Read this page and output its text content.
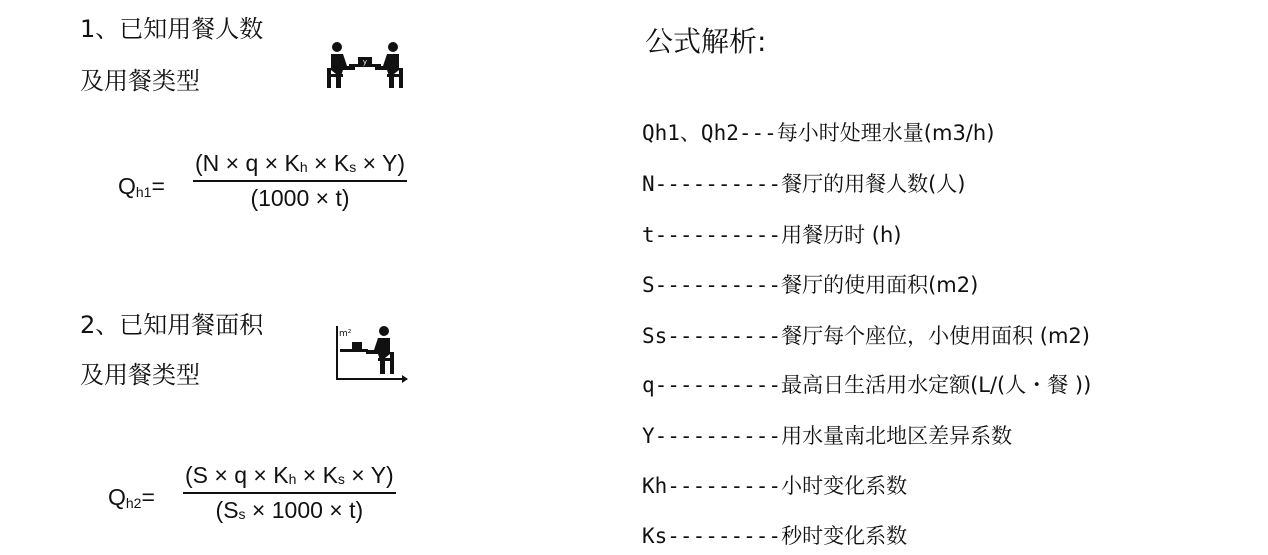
1、已知用餐人数
及用餐类型
y
Qh1=
(N × q × Kh × Ks × Y)
(1000 × t)
2、已知用餐面积
及用餐类型
m²
Qh2=
(S × q × Kh × Ks × Y)
(Ss × 1000 × t)
公式解析:
Qh1、Qh2---每小时处理水量(m3/h)
N----------餐厅的用餐人数(人)
t----------用餐历时 (h)
S----------餐厅的使用面积(m2)
Ss---------餐厅每个座位，小使用面积 (m2)
q----------最高日生活用水定额(L/(人・餐 ))
Y----------用水量南北地区差异系数
Kh---------小时变化系数
Ks---------秒时变化系数
